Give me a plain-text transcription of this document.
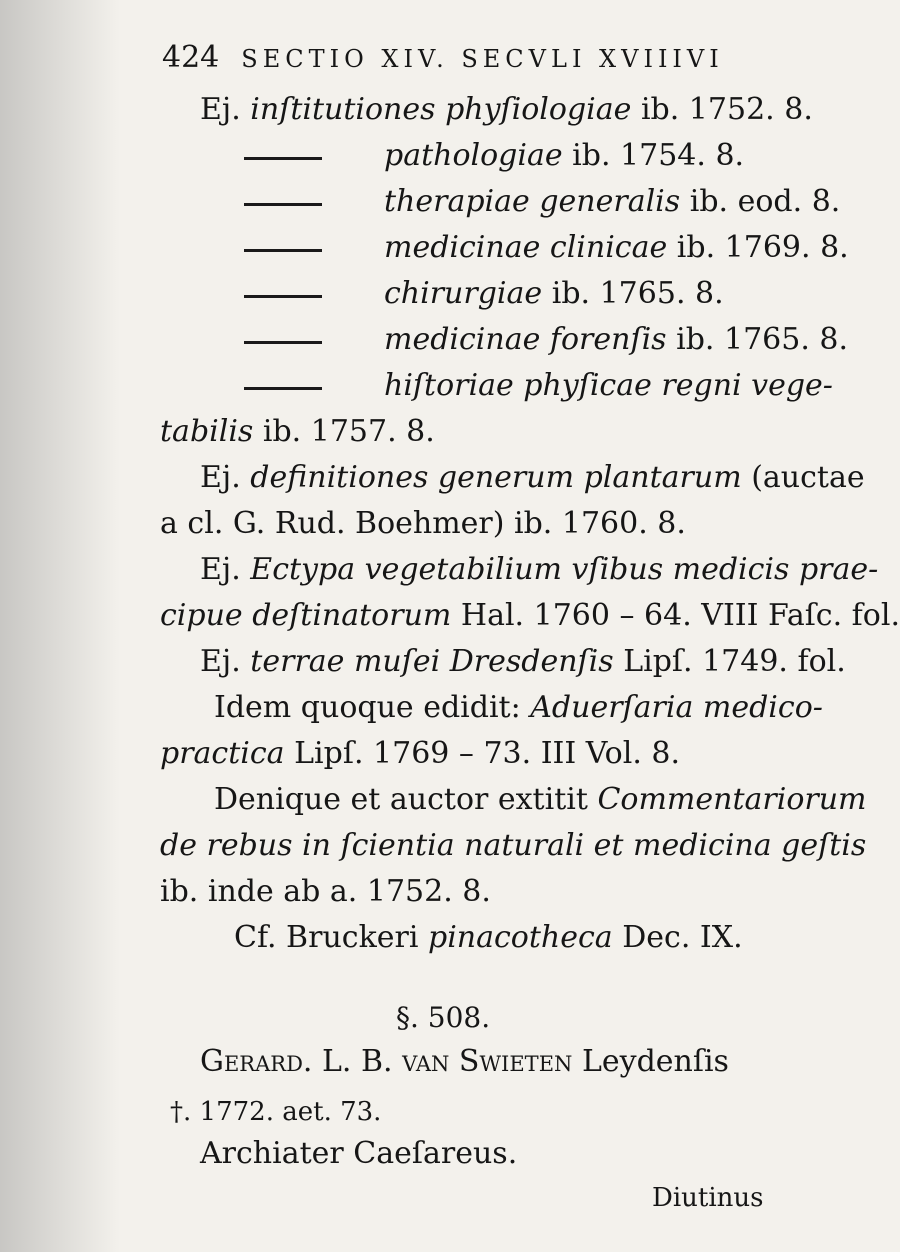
424 SECTIO XIV. SECVLI XVIIIVI
Ej. inſtitutiones phyſiologiae ib. 1752. 8.
pathologiae ib. 1754. 8.
therapiae generalis ib. eod. 8.
medicinae clinicae ib. 1769. 8.
chirurgiae ib. 1765. 8.
medicinae forenſis ib. 1765. 8.
hiſtoriae phyſicae regni vege-
tabilis ib. 1757. 8.
Ej. definitiones generum plantarum (auctae
a cl. G. Rud. Boehmer) ib. 1760. 8.
Ej. Ectypa vegetabilium vſibus medicis prae-
cipue deſtinatorum Hal. 1760 – 64. VIII Faſc. fol.
Ej. terrae muſei Dresdenſis Lipſ. 1749. fol.
Idem quoque edidit: Aduerſaria medico-
practica Lipſ. 1769 – 73. III Vol. 8.
Denique et auctor extitit Commentariorum
de rebus in ſcientia naturali et medicina geſtis
ib. inde ab a. 1752. 8.
Cf. Bruckeri pinacotheca Dec. IX.
§. 508.
Gerard. L. B. van Swieten Leydenſis
†. 1772. aet. 73.
Archiater Caeſareus.
Diutinus
